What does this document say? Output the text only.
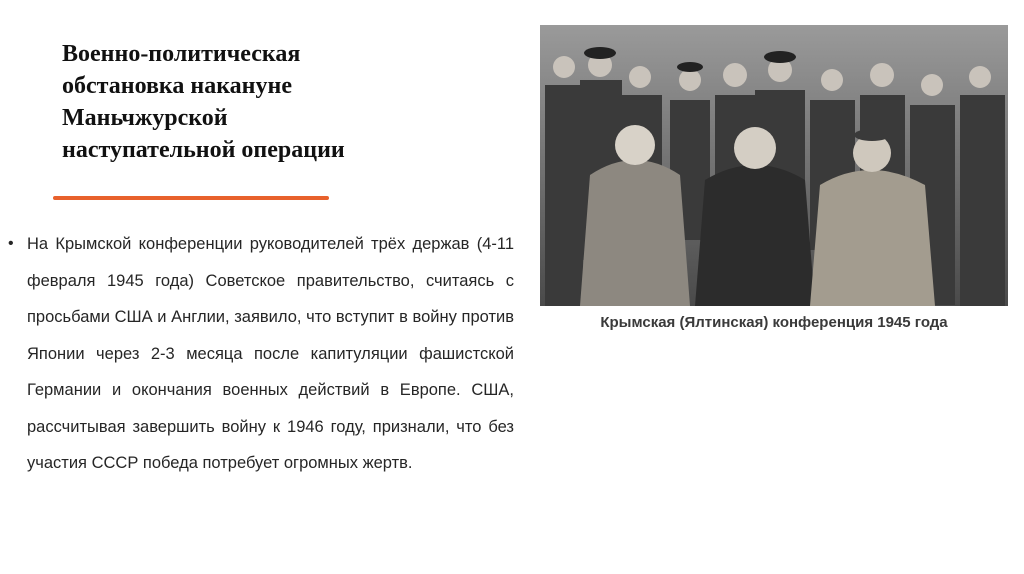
Военно-политическая
обстановка накануне
Маньчжурской
наступательной операции
• На Крымской конференции руководителей трёх держав (4-11 февраля 1945 года) Советское правительство, считаясь с просьбами США и Англии, заявило, что вступит в войну против Японии через 2-3 месяца после капитуляции фашистской Германии и окончания военных действий в Европе. США, рассчитывая завершить войну к 1946 году, признали, что без участия СССР победа потребует огромных жертв.

Крымская (Ялтинская) конференция 1945 года
